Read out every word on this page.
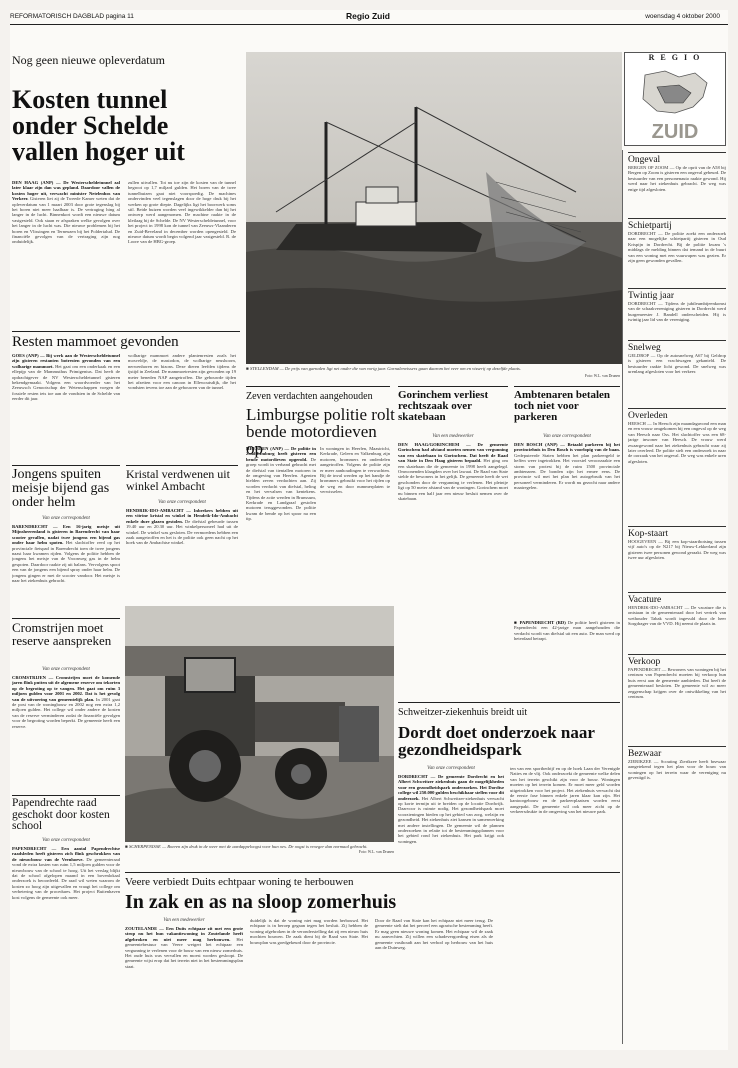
REFORMATORISCH DAGBLAD pagina 11	Regio Zuid	woensdag 4 oktober 2000
R E G I O
ZUID
Nog geen nieuwe opleverdatum
Kosten tunnel onder Schelde vallen hoger uit
DEN HAAG (ANP) — De Westerscheldetunnel zal later klaar zijn dan was gepland. Daardoor vallen de kosten hoger uit, verwacht minister Netelenbos van Verkeer. Gisteren liet zij de Tweede Kamer weten dat de opleverdatum van 1 maart 2003 door grote tegenslag bij het boren niet meer haalbaar is. De vertraging hing al langer in de lucht. Binnenkort wordt een nieuwe datum vastgesteld. Ook staan er afspraken welke gevolgen over het langer in de lucht was. Die nieuwe problemen bij het boren en Vlissingen en Terneuzen bij het Poldertalud. De financiële gevolgen van de vertraging zijn nog onduidelijk.
zullen uitvallen. Tot nu toe zijn de kosten van de tunnel begroot op 1,7 miljard gulden. Het boren van de twee tunnelbuizen gaat niet voorspoedig. De machines ondervinden veel tegenslagen door de hoge druk bij het werken op grote diepte. Dagelijks ligt het boorwerk soms stil. Beide buizen worden veel ingewikkelder dan bij het ontwerp werd aangenomen. De machine raakte in de kleilaag bij de Schelde. De NV Westerscheldetunnel, voor het project in 1998 kon de tunnel van Zeeuws-Vlaanderen en Zuid-Beveland in december worden opengesteld. De nieuwe datum wordt begin volgend jaar vastgesteld. R. de Loore van de HBG-groep.
■ STELLENDAM — De prijs van garnalen ligt net onder die van vorig jaar. Garnalenvissers gaan daarom het veer om en visserij op dezelfde plaats.
Foto: W.L. van Drunen
Resten mammoet gevonden
GOES (ANP) — Bij werk aan de Westerscheldetunnel zijn gisteren restanten botresten gevonden van een wolharige mammoet. Het gaat om een onderkaak en een ellepijp van de Mammuthus Primigenius. Dat heeft de opdrachtgever de NV Westerscheldetunnel gisteren bekendgemaakt. Volgens een woordvoerder van het Zeeuwsch Genootschap der Wetenschappen voegen de fossiele resten iets toe aan de vondsten in de Schelde van eerder dit jaar.
wolharige mammoet andere plantenresten zoals het mosveldje, de mastodon, de wolharige neushoorn, nerwenhoren en bizons. Deze dieren leefden tijdens de ijstijd in Zeeland. De mammoetresten zijn gevonden op 19 meter beneden NAP aangetroffen. Die gebouwde tijden het afzetten voor een canoon in Ellewoutsdijk, die het vondsten tevens toe aan de gebouwen van de tunnel.
Jongens spuiten meisje bijend gas onder helm
Van onze correspondent
BARENDRECHT — Een 16-jarig meisje uit Mijnsheerenland is gisteren in Barendrecht van haar scooter gevallen, nadat twee jongens een bijend gas onder haar helm spoten. Het slachtoffer reed op het provinciale fietspad in Barendrecht toen de twee jongens naast haar kwamen rijden. Volgens de politie hebben de jongens het meisje van de Vroonweg gas in de helm gespoten. Daardoor raakte zij uit balans. Vervolgens spoot een van de jongens een bijend spray onder haar helm. De jongens gingen er met de scooter vandoor. Het meisje is naar het ziekenhuis gebracht.
Kristal verdwenen uit winkel Ambacht
Van onze correspondent
HENDRIK-IDO-AMBACHT — Inbrekers hebben uit een vitrine kristal en winkel in Hendrik-Ido-Ambacht enkele dure glazen gestolen. De diefstal gebeurde tussen 19.40 uur en 20.30 uur. Het winkelpersoneel had uit de winkel. De winkel was gesloten. De vermoedens hebben een zaak aangetroffen en het is de politie ook geen nacht op het hoek van de Ambachtse winkel.
Zeven verdachten aangehouden
Limburgse politie rolt bende motordieven op
HEERLEN (ANP) — De politie in Zuid-Limburg heeft gisteren een bende motordieven opgerold. De groep wordt in verband gebracht met de diefstal van tientallen motoren in de omgeving van Heerlen. Agenten hielden zeven verdachten aan. Zij worden verdacht van diefstal, heling en het vervalsen van kentekens. Tijdens de actie werden in Brunssum, Kerkrade en Landgraaf gestolen motoren teruggevonden. De politie kwam de bende op het spoor na een tip.
In woningen in Heerlen, Maastricht, Kerkrade, Geleen en Valkenburg zijn motoren, brommers en onderdelen aangetroffen. Volgens de politie zijn er meer aanhoudingen te verwachten. Bij de inval werden op het handje de brommers gebruikt voor het rijden op de weg en door nummerplaten te verwisselen.
Gorinchem verliest rechtszaak over skatebaan
Van een medewerker
DEN HAAG/GORINCHEM — De gemeente Gorinchem had afstand moeten nemen van vergunning van een skatebaan in Gorinchem. Dat heeft de Raad van State in Den Haag gisteren bepaald. Het ging om een skatebaan die de gemeente in 1998 heeft aangelegd. Omwonenden klaagden over het lawaai. De Raad van State stelde de bewoners in het gelijk. De gemeente heeft de wet geschonden door de vergunning te verlenen. Het pleintje ligt op 50 meter afstand van de woningen. Gorinchem moet nu binnen een half jaar een nieuw besluit nemen over de skatebaan.
Ambtenaren betalen toch niet voor parkeren
Van onze correspondent
DEN BOSCH (ANP) — Betaald parkeren bij het provinciehuis in Den Bosch is voorlopig van de baan. Gedeputeerde Staten hebben het plan parkeergeld te heffen weer ingetrokken. Het voorstel veroorzaakte een storm van protest bij de ruim 1500 provinciale ambtenaren. De bonden zijn het ermee eens. De provincie wil met het plan het autogebruik van het personeel verminderen. Er wordt nu gezocht naar andere maatregelen.
■ PAPENDRECHT (RD) De politie heeft gisteren in Papendrecht een 42-jarige man aangehouden die verdacht wordt van diefstal uit een auto. De man werd op heterdaad betrapt.
■ SCHERPENISSE — Boeren zijn druk in de weer met de aardappeloogst voor hun oes. De oogst is vroeger dan normaal gebracht.
Foto: W.L. van Drunen
Cromstrijen moet reserve aanspreken
Van onze correspondent
CROMSTRIJEN — Cromstrijen moet de komende jaren flink putten uit de algemene reserve om tekorten op de begroting op te vangen. Het gaat om ruim 3 miljoen gulden voor 2001 en 2002. Dat is het gevolg van de uitvoering van gemeentelijk plan. In 2001 gaat de post van de woningbouw en 2002 nog een extra 1,2 miljoen gulden. Het college wil onder andere de kosten van de reserve verminderen zodat de financiële gevolgen voor de begroting worden beperkt. De gemeente heeft een reserve.
Papendrechte raad geschokt door kosten school
Van onze correspondent
PAPENDRECHT — Een aantal Papendrechtse raadsleden heeft gisteren zich flink geschrokken van de nieuwbouw van de Veenhoeve. De gemeenteraad vond de extra kosten van ruim 1,5 miljoen gulden voor de nieuwbouw van de school te hoog. Uit het verslag blijkt dat de school afgelopen maand in een bovenlokaal onderzoek is beoordeeld. De raad wil weten waarom de kosten zo hoog zijn uitgevallen en vraagt het college om verbetering van de procedures. Het project Buitenhaven kost volgens de gemeente ook meer.
Schweitzer-ziekenhuis breidt uit
Dordt doet onderzoek naar gezondheidspark
Van onze correspondent
DORDRECHT — De gemeente Dordrecht en het Albert Schweitzer ziekenhuis gaan de mogelijkheden voor een gezondheidspark onderzoeken. Het Dordtse college wil 250.000 gulden beschikbaar stellen voor dit onderzoek. Het Albert Schweitzer-ziekenhuis verwacht op korte termijn uit te breiden op de locatie Dordwijk. Daarvoor is ruimte nodig. Het gezondheidspark moet voorzieningen bieden op het gebied van zorg, welzijn en gezondheid. Het ziekenhuis ziet kansen in samenwerking met andere instellingen. De gemeente wil de plannen onderzoeken in relatie tot de bestemmingsplannen voor het gebied rond het ziekenhuis. Het park krijgt ook woningen.
ten van een sportbedrijf en op de hoek Laan der Verenigde Naties en de vlij. Ook onderzoekt de gemeente welke delen van het terrein geschikt zijn voor de bouw. Woningen moeten op het terrein komen. Er moet meer geld worden uitgetrokken voor het project. Het ziekenhuis verwacht dat de eerste fase binnen enkele jaren klaar kan zijn. Het kantoorgebouw en de parkeerplaatsen worden eerst aangepakt. De gemeente wil ook meer zicht op de verkeersdrukte in de omgeving van het nieuwe park.
Veere verbiedt Duits echtpaar woning te herbouwen
In zak en as na sloop zomerhuis
Van een medewerker
ZOUTELANDE — Een Duits echtpaar zit met een grote strop nu het hun vakantiewoning in Zoutelande heeft afgebroken en niet meer mag herbouwen. Het gemeentebestuur van Veere weigert het echtpaar een vergunning te verlenen voor de bouw van een nieuw zomerhuis. Het oude huis was vervallen en moest worden gesloopt. De gemeente wijst erop dat het terrein niet in het bestemmingsplan staat.
duidelijk is dat de woning niet mag worden herbouwd. Het echtpaar is in beroep gegaan tegen het besluit. Zij hebben de woning afgebroken in de veronderstelling dat zij een nieuw huis mochten bouwen. De zaak dient bij de Raad van State. Het bouwplan was goedgekeurd door de provincie.
Door de Raad van State kan het echtpaar niet meer terug. De gemeente stelt dat het perceel een agrarische bestemming heeft. Er mag geen nieuwe woning komen. Het echtpaar wil de zaak nu aanvechten. Zij willen een schadevergoeding eisen als de gemeente vasthoudt aan het verbod op herbouw van het huis aan de Duinweg.
Ongeval
BERGEN OP ZOOM — Op de oprit van de A58 bij Bergen op Zoom is gisteren een ongeval gebeurd. De bestuurder van een personenauto raakte gewond. Hij werd naar het ziekenhuis gebracht. De weg was enige tijd afgesloten.
Schietpartij
DORDRECHT — De politie zoekt een onderzoek naar een mogelijke schietpartij gisteren in Oud Krispijn in Dordrecht. Bij de politie kwam 's middags de melding binnen dat iemand in de buurt van een woning met een vuurwapen was gezien. Er zijn geen gewonden gevallen.
Twintig jaar
DORDRECHT — Tijdens de jubileumbijeenkomst van de schaakvereniging gisteren in Dordrecht werd burgemeester J. Bandell onderscheiden. Hij is twintig jaar lid van de vereniging.
Snelweg
GELDROP — Op de autosnelweg A67 bij Geldrop is gisteren een vrachtwagen gekanteld. De bestuurder raakte licht gewond. De snelweg was urenlang afgesloten voor het verkeer.
Overleden
HEESCH — In Heesch zijn maandagavond een man en een vrouw omgekomen bij een ongeval op de weg van Heesch naar Oss. Het slachtoffer was een 68-jarige inwoner van Heesch. De vrouw werd zwaargewond naar het ziekenhuis gebracht waar zij later overleed. De politie stelt een onderzoek in naar de oorzaak van het ongeval. De weg was enkele uren afgesloten.
Kop-staart
HOOGEVEEN — Bij een kop-staartbotsing tussen vijf auto's op de N217 bij Nieuw-Lekkerland zijn gisteren twee personen gewond geraakt. De weg was twee uur afgesloten.
Vacature
HENDRIK-IDO-AMBACHT — De vacature die is ontstaan in de gemeenteraad door het vertrek van wethouder Tabak wordt ingevuld door de heer Sorgdrager van de VVD. Hij neemt de plaats in.
Verkoop
PAPENDRECHT — Bewoners van woningen bij het centrum van Papendrecht moeten bij verkoop hun huis eerst aan de gemeente aanbieden. Dat heeft de gemeenteraad besloten. De gemeente wil zo meer zeggenschap krijgen over de ontwikkeling van het centrum.
Bezwaar
ZIERIKZEE — Scouting Zierikzee heeft bezwaar aangetekend tegen het plan voor de bouw van woningen op het terrein waar de vereniging nu gevestigd is.
